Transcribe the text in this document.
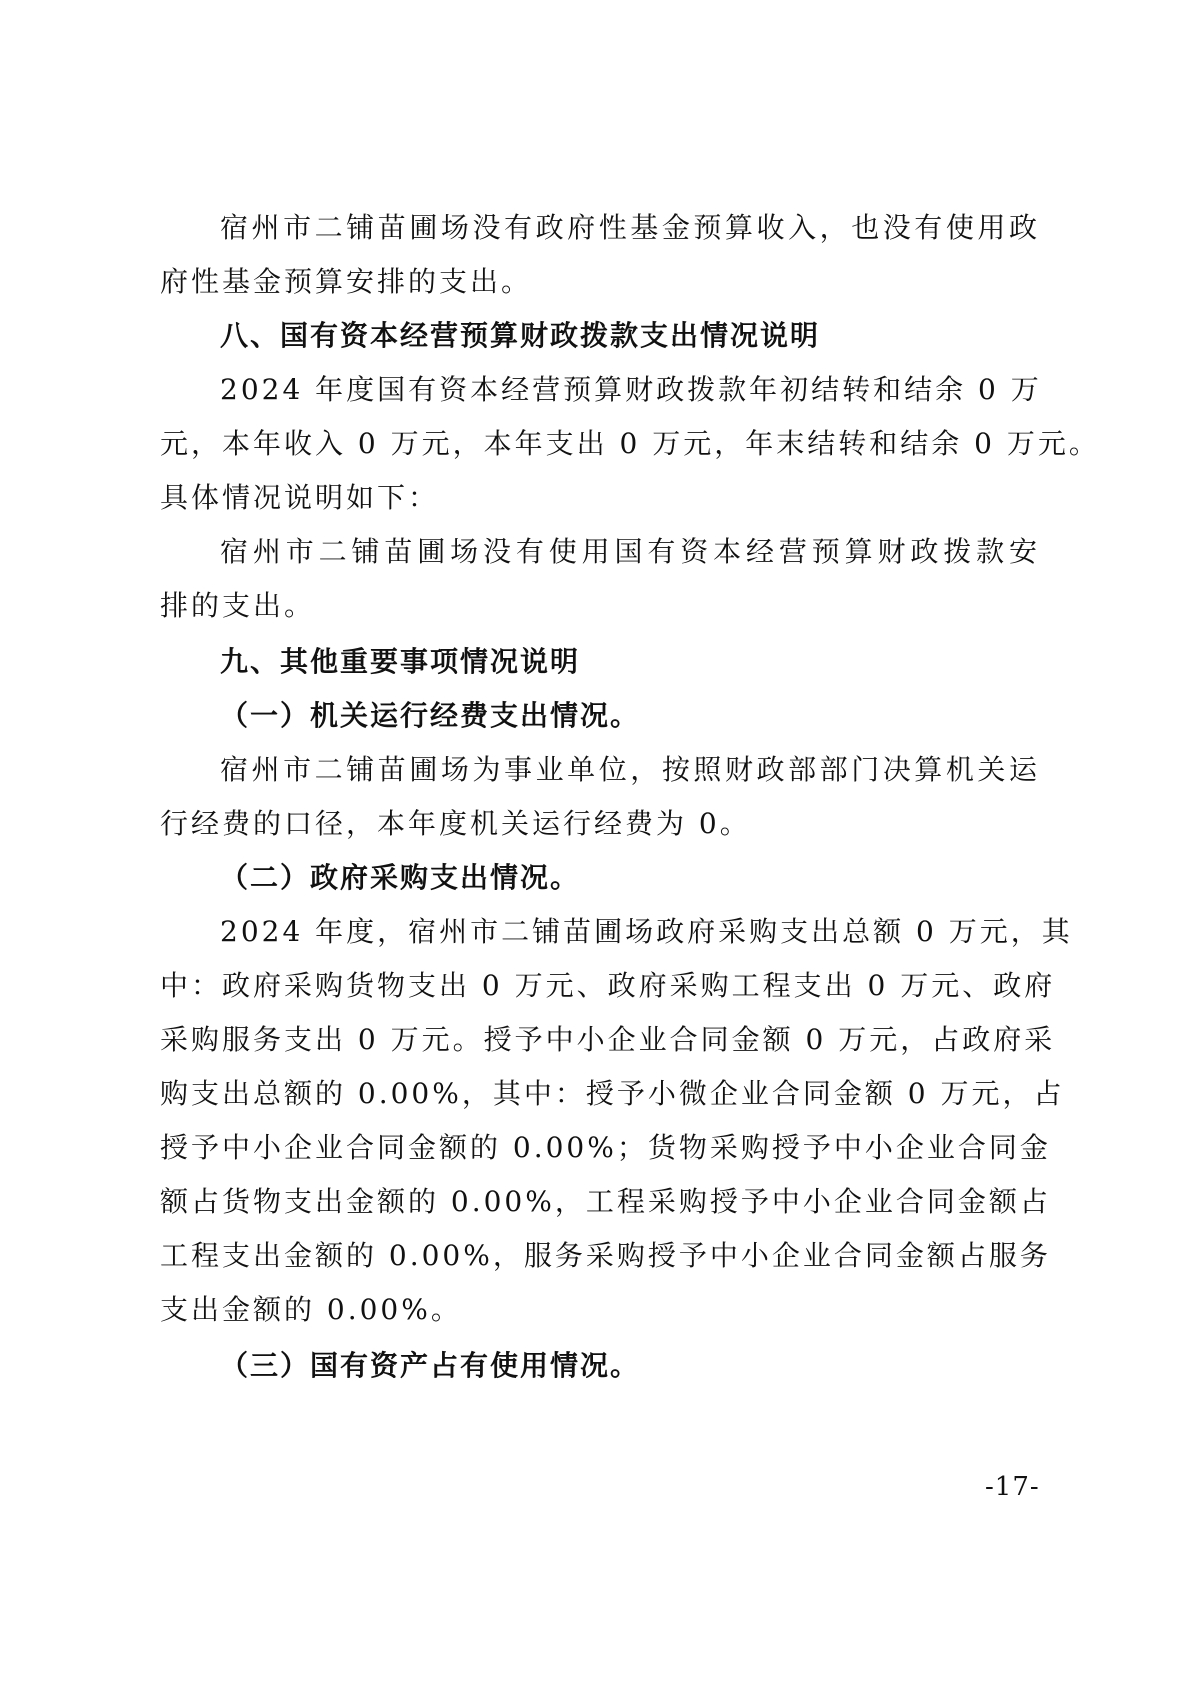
宿州市二铺苗圃场没有政府性基金预算收入，也没有使用政
府性基金预算安排的支出。
八、国有资本经营预算财政拨款支出情况说明
2024 年度国有资本经营预算财政拨款年初结转和结余 0 万
元，本年收入 0 万元，本年支出 0 万元，年末结转和结余 0 万元。
具体情况说明如下：
宿州市二铺苗圃场没有使用国有资本经营预算财政拨款安
排的支出。
九、其他重要事项情况说明
（一）机关运行经费支出情况。
宿州市二铺苗圃场为事业单位，按照财政部部门决算机关运
行经费的口径，本年度机关运行经费为 0。
（二）政府采购支出情况。
2024 年度，宿州市二铺苗圃场政府采购支出总额 0 万元，其
中：政府采购货物支出 0 万元、政府采购工程支出 0 万元、政府
采购服务支出 0 万元。授予中小企业合同金额 0 万元，占政府采
购支出总额的 0.00%，其中：授予小微企业合同金额 0 万元，占
授予中小企业合同金额的 0.00%；货物采购授予中小企业合同金
额占货物支出金额的 0.00%，工程采购授予中小企业合同金额占
工程支出金额的 0.00%，服务采购授予中小企业合同金额占服务
支出金额的 0.00%。
（三）国有资产占有使用情况。
-17-
